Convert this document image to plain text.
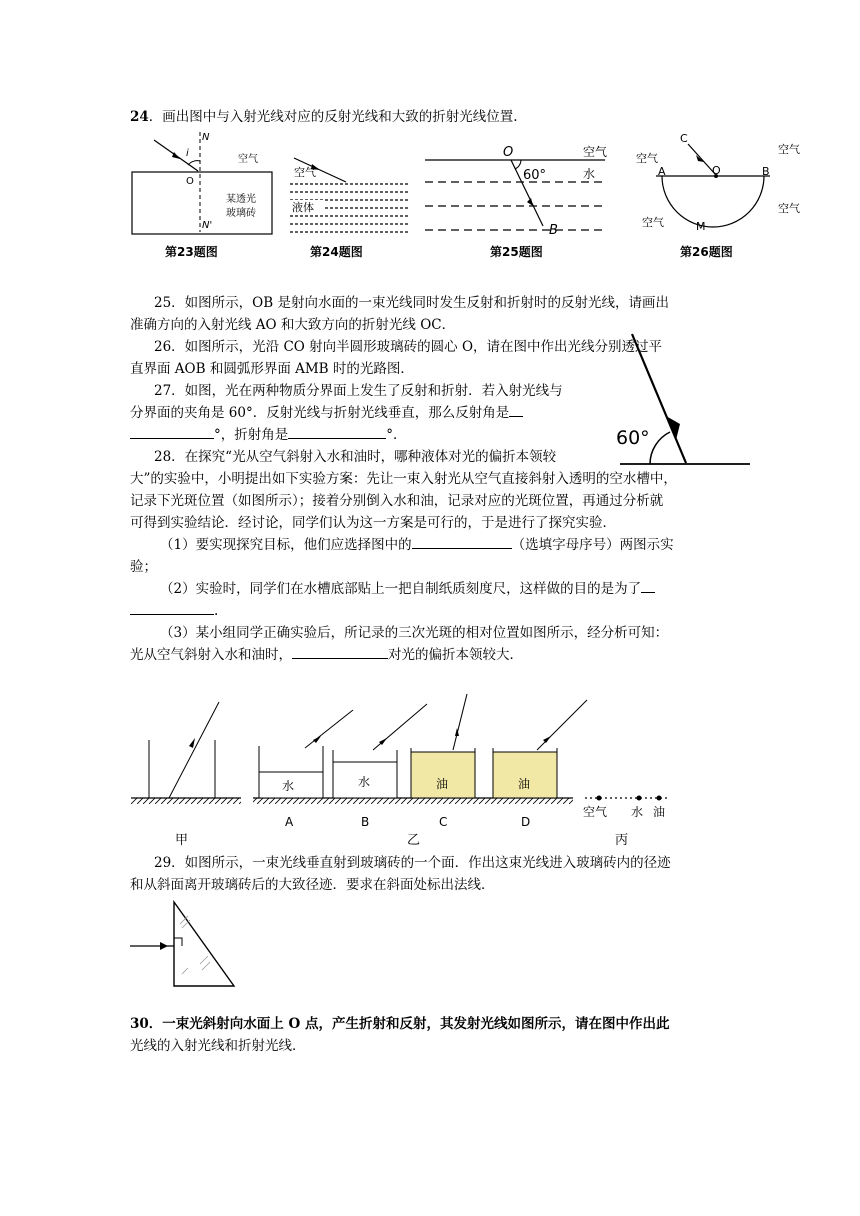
24．画出图中与入射光线对应的反射光线和大致的折射光线位置.
N
N'
O
i
空气
某透光
玻璃砖
第23题图
空气
液体
第24题图
O
60°
B
空气
水
第25题图
C
A	O	B
M
空气
空气
空气
空气
第26题图
25．如图所示，OB 是射向水面的一束光线同时发生反射和折射时的反射光线，请画出
准确方向的入射光线 AO 和大致方向的折射光线 OC．
26．如图所示，光沿 CO 射向半圆形玻璃砖的圆心 O，请在图中作出光线分别透过平
直界面 AOB 和圆弧形界面 AMB 时的光路图．
27．如图，光在两种物质分界面上发生了反射和折射．若入射光线与
分界面的夹角是 60°．反射光线与折射光线垂直，那么反射角是
°，折射角是	°．	60°
28．在探究“光从空气斜射入水和油时，哪种液体对光的偏折本领较
大”的实验中，小明提出如下实验方案：先让一束入射光从空气直接斜射入透明的空水槽中，
记录下光斑位置（如图所示）；接着分别倒入水和油，记录对应的光斑位置，再通过分析就
可得到实验结论．经讨论，同学们认为这一方案是可行的，于是进行了探究实验．
（1）要实现探究目标，他们应选择图中的	（选填字母序号）两图示实
验；
（2）实验时，同学们在水槽底部贴上一把自制纸质刻度尺，这样做的目的是为了
.
（3）某小组同学正确实验后，所记录的三次光斑的相对位置如图所示，经分析可知：
光从空气斜射入水和油时，	对光的偏折本领较大．
水	水	油	油
空气 水 油
A	B	C	D
甲	乙	丙
29．如图所示，一束光线垂直射到玻璃砖的一个面．作出这束光线进入玻璃砖内的径迹
和从斜面离开玻璃砖后的大致径迹．要求在斜面处标出法线．
30．一束光斜射向水面上 O 点，产生折射和反射，其发射光线如图所示，请在图中作出此
光线的入射光线和折射光线．
